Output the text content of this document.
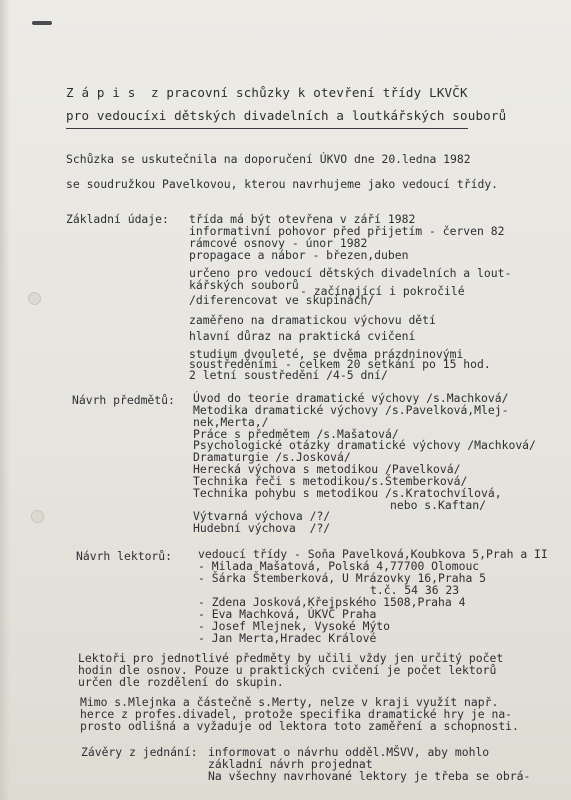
Z á p i s  z pracovní schůzky k otevření třídy LKVČK
pro vedoucíxi dětských divadelních a loutkářských souborů
Schůzka se uskutečnila na doporučení ÚKVO dne 20.ledna 1982
se soudružkou Pavelkovou, kterou navrhujeme jako vedoucí třídy.
Základní údaje: třída má být otevřena v září 1982
informativní pohovor před přijetím - červen 82
rámcové osnovy - únor 1982
propagace a nábor - březen,duben
určeno pro vedoucí dětských divadelních a lout-
kářských souborů - začínající i pokročilé
/diferencovat ve skupinách/
zaměřeno na dramatickou výchovu dětí
hlavní důraz na praktická cvičení
studium dvouleté, se dvěma prázdninovými
soustředěními - celkem 20 setkání po 15 hod.
2 letní soustředění /4-5 dní/
Návrh předmětů: Úvod do teorie dramatické výchovy /s.Machková/
Metodika dramatické výchovy /s.Pavelková,Mlej-
nek,Merta,/
Práce s předmětem /s.Mašatová/
Psychologické otázky dramatické výchovy /Machková/
Dramaturgie /s.Josková/
Herecká výchova s metodikou /Pavelková/
Technika řeči s metodikou/s.Štemberková/
Technika pohybu s metodikou /s.Kratochvílová,
nebo s.Kaftan/
Výtvarná výchova /?/
Hudební výchova  /?/
Návrh lektorů: vedoucí třídy - Soňa Pavelková,Koubkova 5,Prah a II
- Milada Mašatová, Polská 4,77700 Olomouc
- Šárka Štemberková, U Mrázovky 16,Praha 5
t.č. 54 36 23
- Zdena Josková,Křejpského 1508,Praha 4
- Eva Machková, ÚKVČ Praha
- Josef Mlejnek, Vysoké Mýto
- Jan Merta,Hradec Králové
Lektoři pro jednotlivé předměty by učili vždy jen určitý počet
hodin dle osnov. Pouze u praktických cvičení je počet lektorů
určen dle rozdělení do skupin.
Mimo s.Mlejnka a částečně s.Merty, nelze v kraji využít např.
herce z profes.divadel, protože specifika dramatické hry je na-
prosto odlišná a vyžaduje od lektora toto zaměření a schopnosti.
Závěry z jednání: informovat o návrhu odděl.MŠVV, aby mohlo
základní návrh projednat
Na všechny navrhované lektory je třeba se obrá-
